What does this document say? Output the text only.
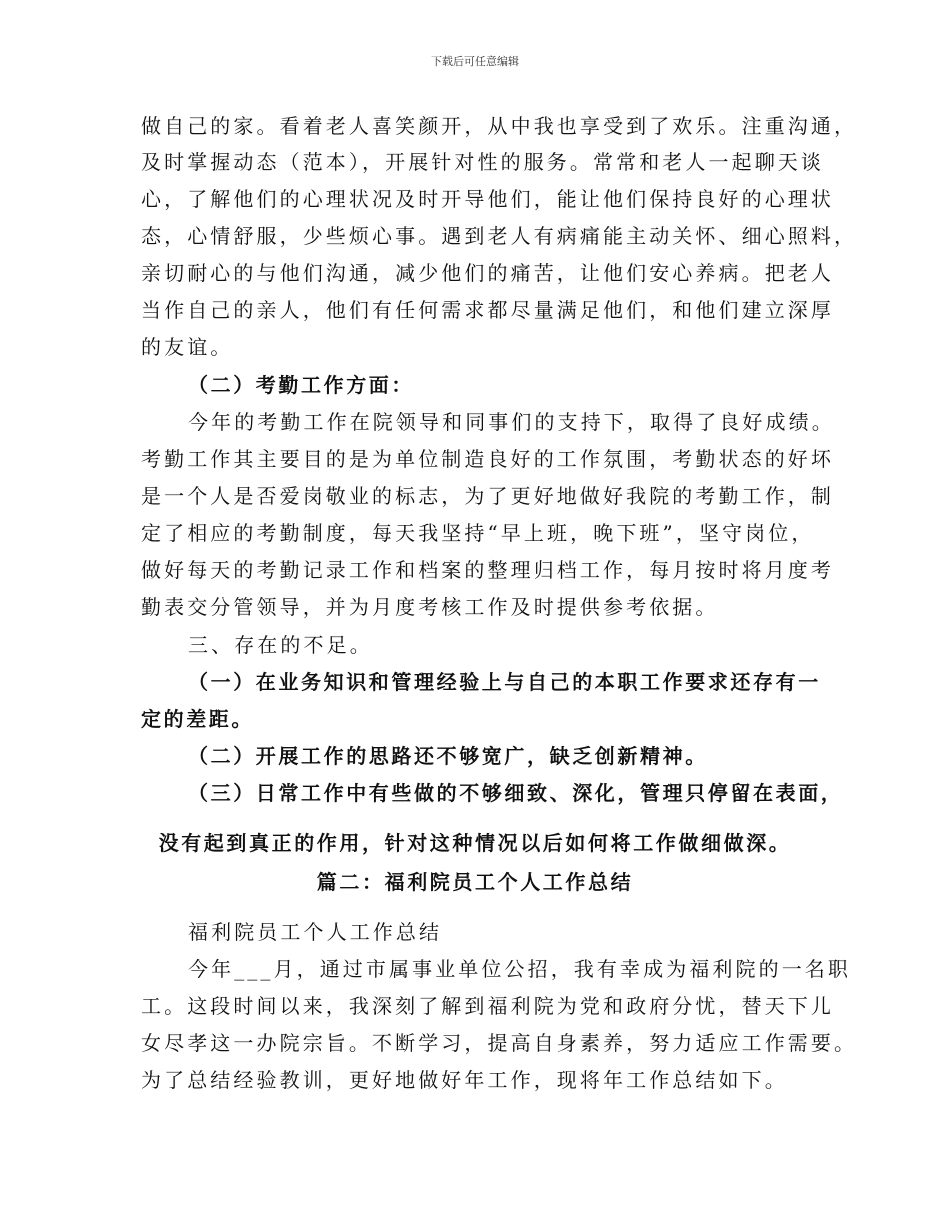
下载后可任意编辑
做自己的家。看着老人喜笑颜开，从中我也享受到了欢乐。注重沟通，
及时掌握动态（范本），开展针对性的服务。常常和老人一起聊天谈
心，了解他们的心理状况及时开导他们，能让他们保持良好的心理状
态，心情舒服，少些烦心事。遇到老人有病痛能主动关怀、细心照料，
亲切耐心的与他们沟通，减少他们的痛苦，让他们安心养病。把老人
当作自己的亲人，他们有任何需求都尽量满足他们，和他们建立深厚
的友谊。
（二）考勤工作方面：
今年的考勤工作在院领导和同事们的支持下，取得了良好成绩。
考勤工作其主要目的是为单位制造良好的工作氛围，考勤状态的好坏
是一个人是否爱岗敬业的标志，为了更好地做好我院的考勤工作，制
定了相应的考勤制度，每天我坚持“早上班，晚下班”，坚守岗位，
做好每天的考勤记录工作和档案的整理归档工作，每月按时将月度考
勤表交分管领导，并为月度考核工作及时提供参考依据。
三、存在的不足。
（一）在业务知识和管理经验上与自己的本职工作要求还存有一
定的差距。
（二）开展工作的思路还不够宽广，缺乏创新精神。
（三）日常工作中有些做的不够细致、深化，管理只停留在表面，
没有起到真正的作用，针对这种情况以后如何将工作做细做深。
篇二：福利院员工个人工作总结
福利院员工个人工作总结
今年___月，通过市属事业单位公招，我有幸成为福利院的一名职
工。这段时间以来，我深刻了解到福利院为党和政府分忧，替天下儿
女尽孝这一办院宗旨。不断学习，提高自身素养，努力适应工作需要。
为了总结经验教训，更好地做好年工作，现将年工作总结如下。
